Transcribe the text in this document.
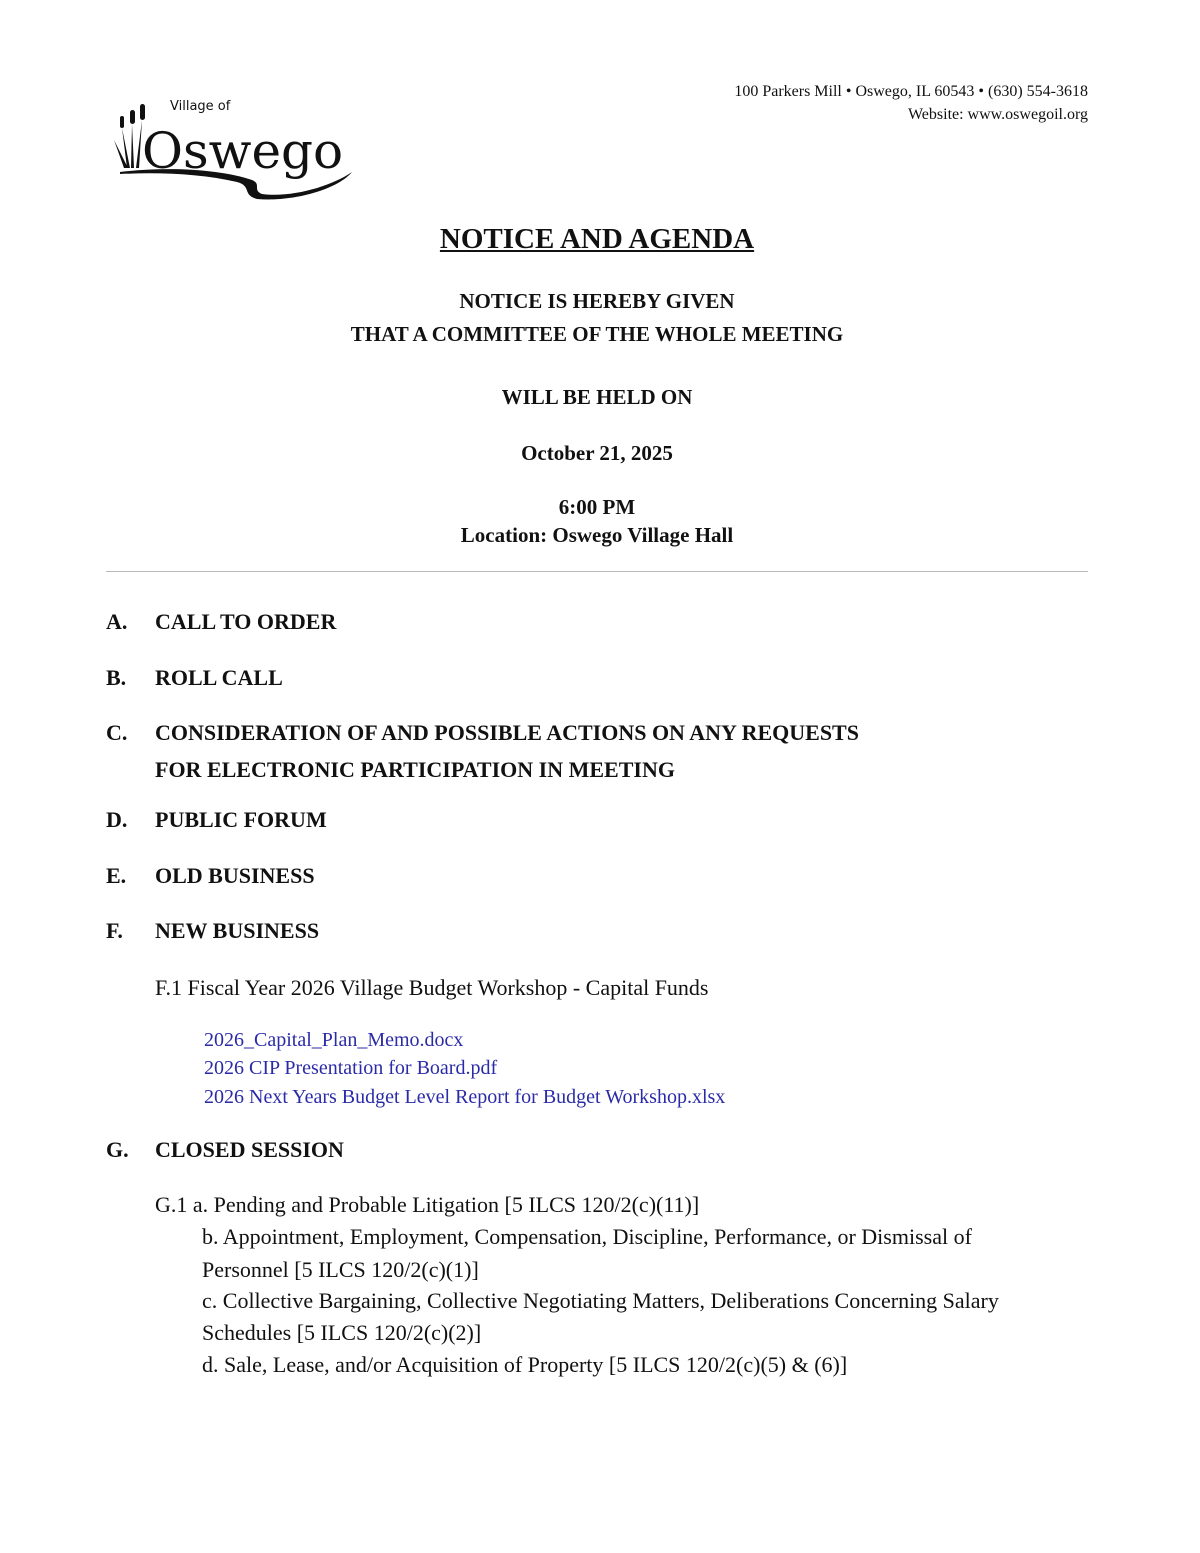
Village of
Oswego
100 Parkers Mill • Oswego, IL 60543 • (630) 554-3618
Website: www.oswegoil.org
NOTICE AND AGENDA
NOTICE IS HEREBY GIVEN
THAT A COMMITTEE OF THE WHOLE MEETING
WILL BE HELD ON
October 21, 2025
6:00 PM
Location: Oswego Village Hall
A. CALL TO ORDER
B. ROLL CALL
C. CONSIDERATION OF AND POSSIBLE ACTIONS ON ANY REQUESTS
FOR ELECTRONIC PARTICIPATION IN MEETING
D. PUBLIC FORUM
E. OLD BUSINESS
F. NEW BUSINESS
F.1 Fiscal Year 2026 Village Budget Workshop - Capital Funds
2026_Capital_Plan_Memo.docx
2026 CIP Presentation for Board.pdf
2026 Next Years Budget Level Report for Budget Workshop.xlsx
G. CLOSED SESSION
G.1 a. Pending and Probable Litigation [5 ILCS 120/2(c)(11)]
b. Appointment, Employment, Compensation, Discipline, Performance, or Dismissal of
Personnel [5 ILCS 120/2(c)(1)]
c. Collective Bargaining, Collective Negotiating Matters, Deliberations Concerning Salary
Schedules [5 ILCS 120/2(c)(2)]
d. Sale, Lease, and/or Acquisition of Property [5 ILCS 120/2(c)(5) & (6)]
